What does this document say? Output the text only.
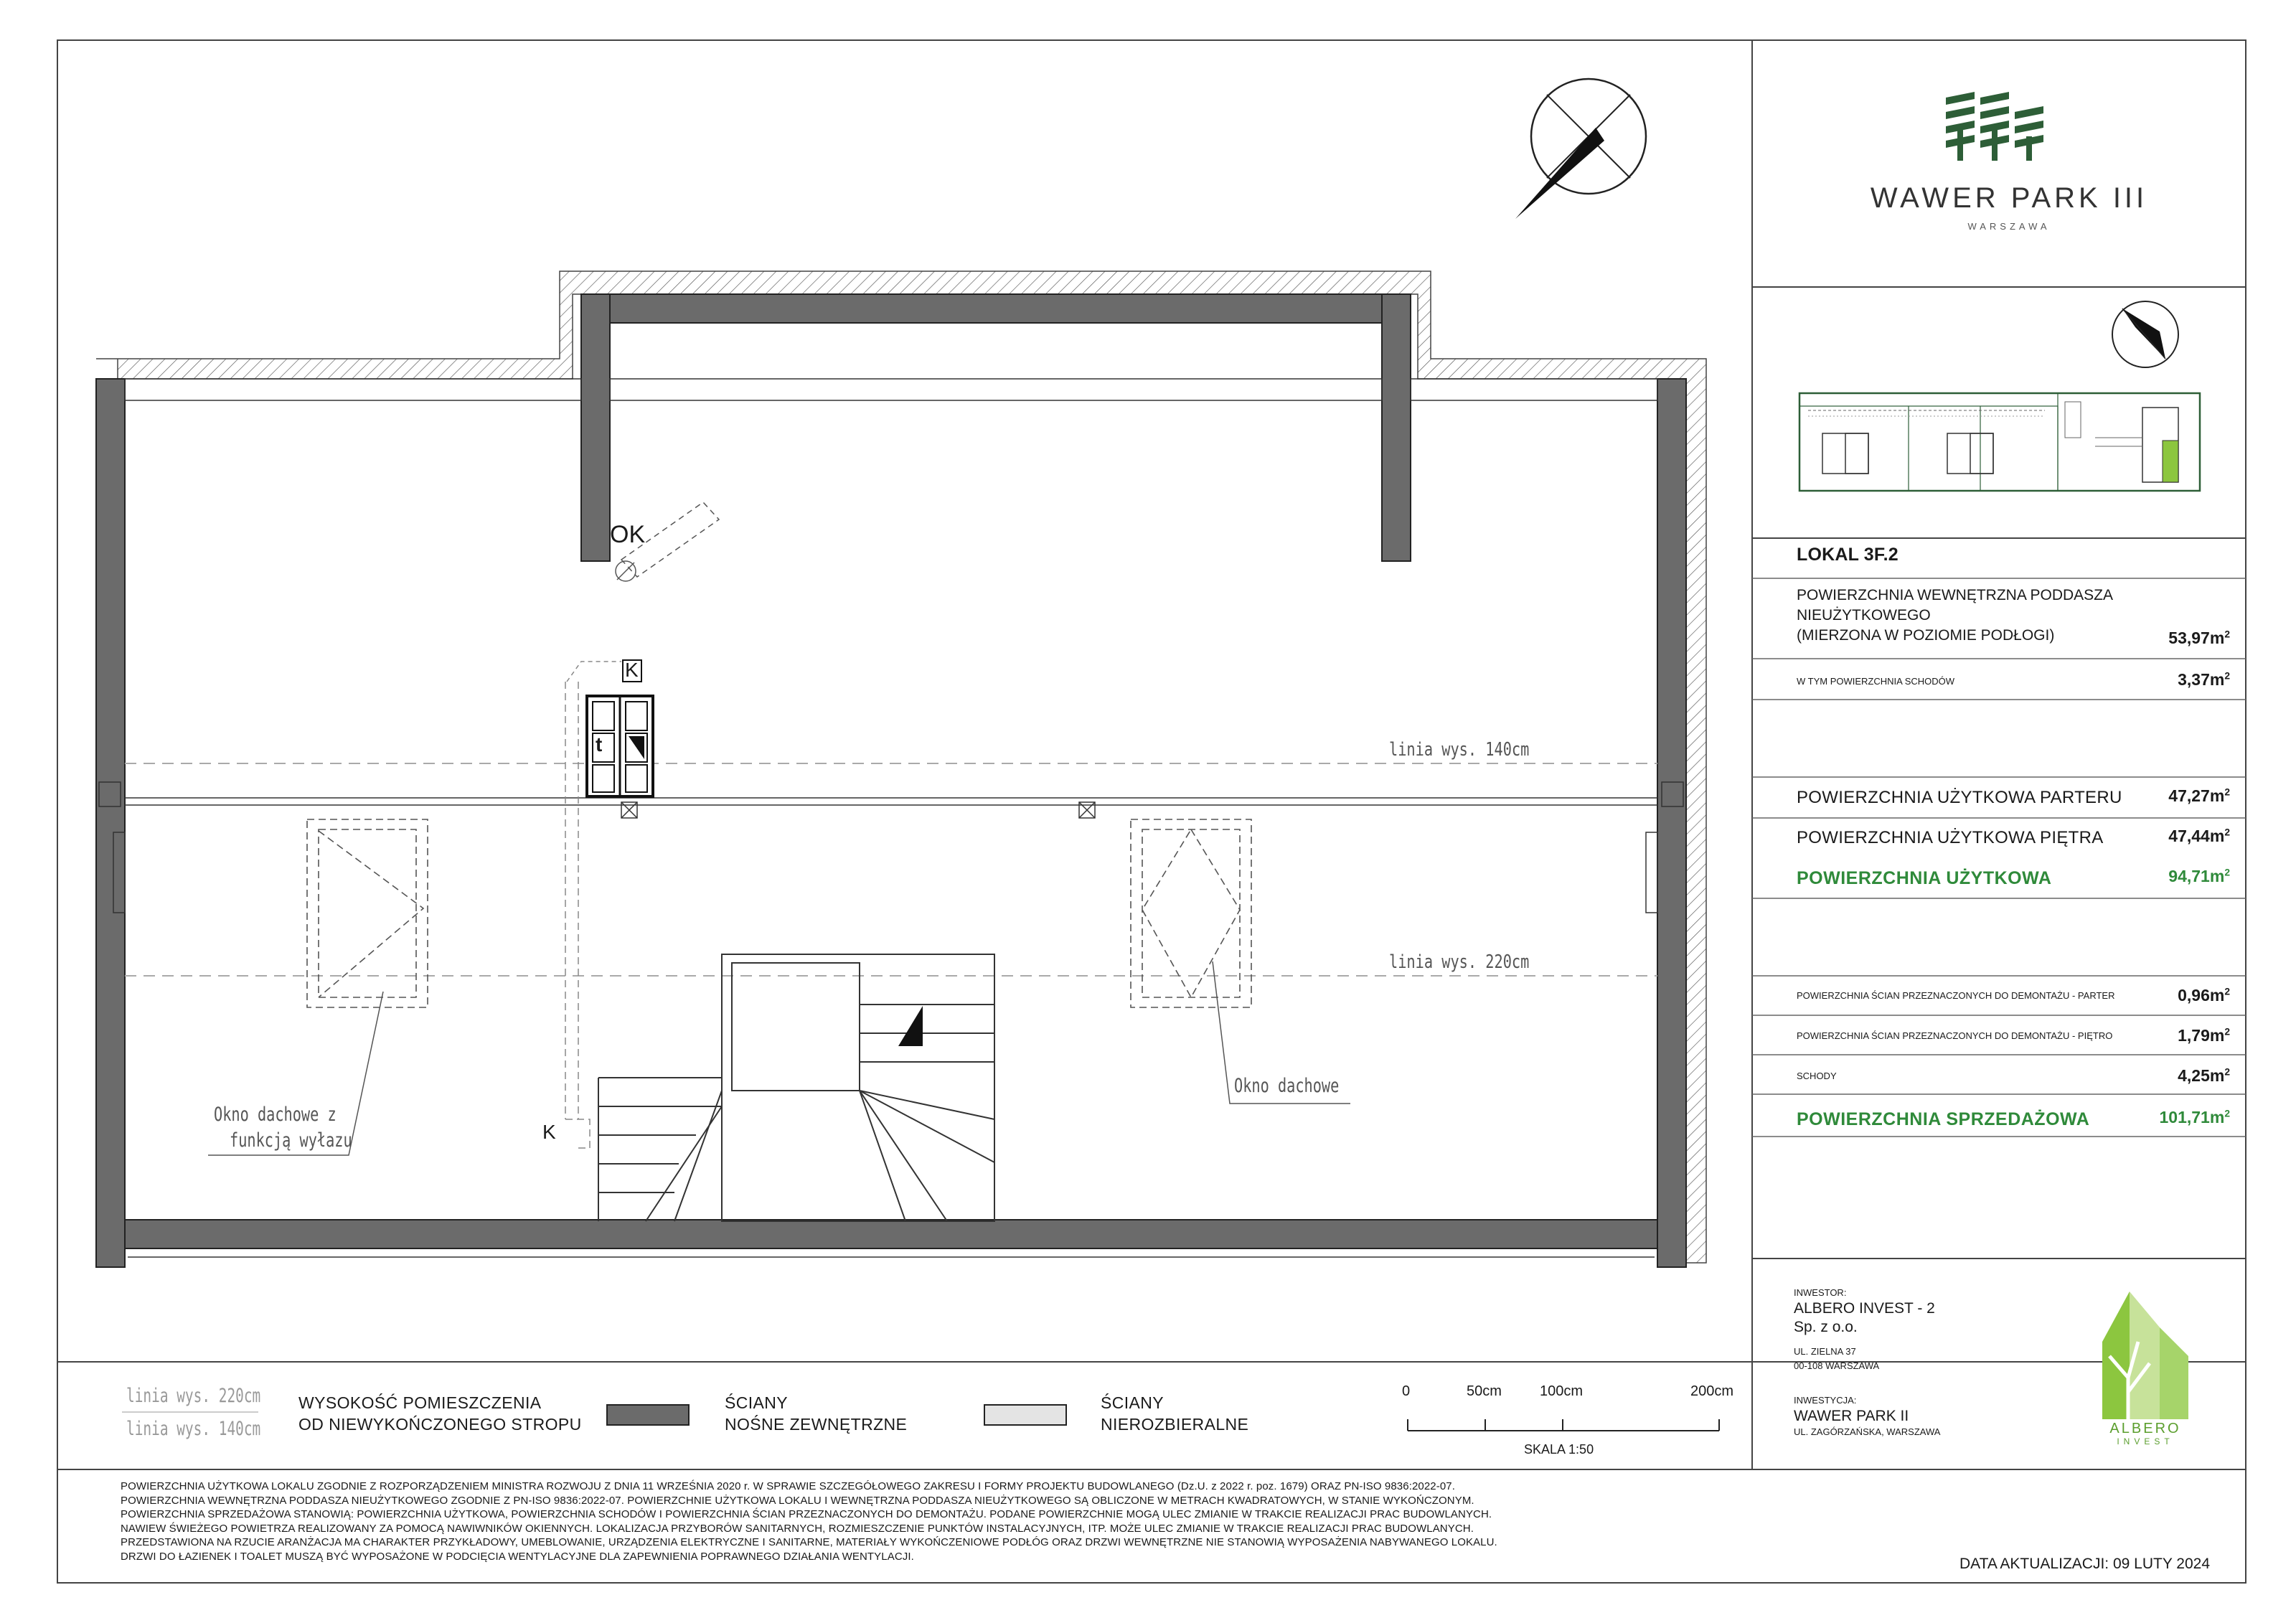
OK
K
t
K
linia wys. 140cm
linia wys. 220cm
Okno dachowe z
funkcją wyłazu
Okno dachowe
WAWER PARK III
WARSZAWA
LOKAL 3F.2
POWIERZCHNIA WEWNĘTRZNA PODDASZA
NIEUŻYTKOWEGO
(MIERZONA W POZIOMIE PODŁOGI)	$53,97m^2$
W TYM POWIERZCHNIA SCHODÓW	$3,37m^2$
POWIERZCHNIA UŻYTKOWA PARTERU	$47,27m^2$
POWIERZCHNIA UŻYTKOWA PIĘTRA	$47,44m^2$
POWIERZCHNIA UŻYTKOWA	$94,71m^2$
POWIERZCHNIA ŚCIAN PRZEZNACZONYCH DO DEMONTAŻU - PARTER	$0,96m^2$
POWIERZCHNIA ŚCIAN PRZEZNACZONYCH DO DEMONTAŻU - PIĘTRO	$1,79m^2$
SCHODY	$4,25m^2$
POWIERZCHNIA SPRZEDAŻOWA	$101,71m^2$
INWESTOR:
ALBERO INVEST - 2
Sp. z o.o.
UL. ZIELNA 37
00-108 WARSZAWA
INWESTYCJA:
WAWER PARK II
UL. ZAGÓRZAŃSKA, WARSZAWA	ALBERO
INVEST
linia wys. 220cm
linia wys. 140cm
WYSOKOŚĆ POMIESZCZENIA
OD NIEWYKOŃCZONEGO STROPU
ŚCIANY
NOŚNE ZEWNĘTRZNE
ŚCIANY
NIEROZBIERALNE
0	50cm	100cm	200cm
SKALA 1:50
POWIERZCHNIA UŻYTKOWA LOKALU ZGODNIE Z ROZPORZĄDZENIEM MINISTRA ROZWOJU Z DNIA 11 WRZEŚNIA 2020 r. W SPRAWIE SZCZEGÓŁOWEGO ZAKRESU I FORMY PROJEKTU BUDOWLANEGO (Dz.U. z 2022 r. poz. 1679) ORAZ PN-ISO 9836:2022-07.
POWIERZCHNIA WEWNĘTRZNA PODDASZA NIEUŻYTKOWEGO ZGODNIE Z PN-ISO 9836:2022-07. POWIERZCHNIE UŻYTKOWA LOKALU I WEWNĘTRZNA PODDASZA NIEUŻYTKOWEGO SĄ OBLICZONE W METRACH KWADRATOWYCH, W STANIE WYKOŃCZONYM.
POWIERZCHNIA SPRZEDAŻOWA STANOWIĄ: POWIERZCHNIA UŻYTKOWA, POWIERZCHNIA SCHODÓW I POWIERZCHNIA ŚCIAN PRZEZNACZONYCH DO DEMONTAŻU. PODANE POWIERZCHNIE MOGĄ ULEC ZMIANIE W TRAKCIE REALIZACJI PRAC BUDOWLANYCH.
NAWIEW ŚWIEŻEGO POWIETRZA REALIZOWANY ZA POMOCĄ NAWIWNIKÓW OKIENNYCH. LOKALIZACJA PRZYBORÓW SANITARNYCH, ROZMIESZCZENIE PUNKTÓW INSTALACYJNYCH, ITP. MOŻE ULEC ZMIANIE W TRAKCIE REALIZACJI PRAC BUDOWLANYCH.
PRZEDSTAWIONA NA RZUCIE ARANŻACJA MA CHARAKTER PRZYKŁADOWY, UMEBLOWANIE, URZĄDZENIA ELEKTRYCZNE I SANITARNE, MATERIAŁY WYKOŃCZENIOWE PODŁÓG ORAZ DRZWI WEWNĘTRZNE NIE STANOWIĄ WYPOSAŻENIA NABYWANEGO LOKALU.
DRZWI DO ŁAZIENEK I TOALET MUSZĄ BYĆ WYPOSAŻONE W PODCIĘCIA WENTYLACYJNE DLA ZAPEWNIENIA POPRAWNEGO DZIAŁANIA WENTYLACJI.	DATA AKTUALIZACJI: 09 LUTY 2024
